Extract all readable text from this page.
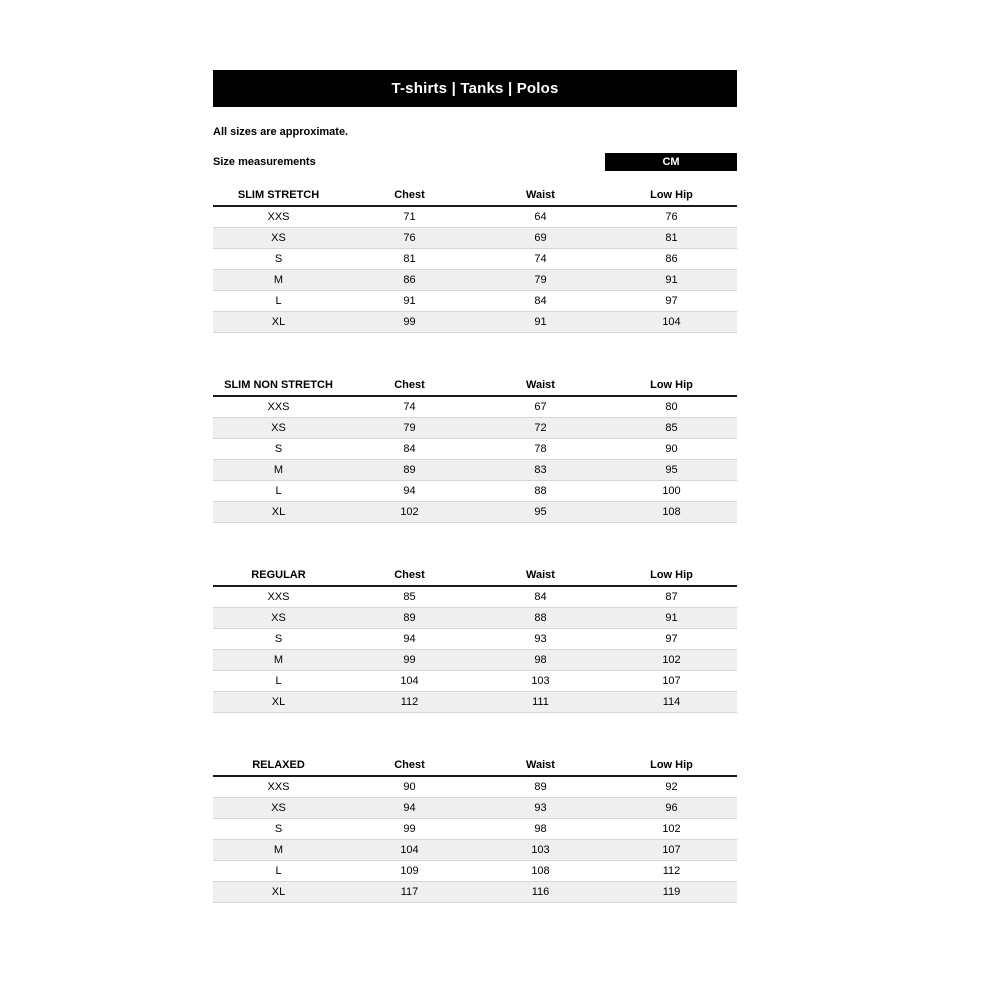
T-shirts | Tanks | Polos

All sizes are approximate.

Size measurements	CM
SLIM STRETCH	Chest	Waist	Low Hip
XXS	71	64	76
XS	76	69	81
S	81	74	86
M	86	79	91
L	91	84	97
XL	99	91	104
SLIM NON STRETCH	Chest	Waist	Low Hip
XXS	74	67	80
XS	79	72	85
S	84	78	90
M	89	83	95
L	94	88	100
XL	102	95	108
REGULAR	Chest	Waist	Low Hip
XXS	85	84	87
XS	89	88	91
S	94	93	97
M	99	98	102
L	104	103	107
XL	112	111	114
RELAXED	Chest	Waist	Low Hip
XXS	90	89	92
XS	94	93	96
S	99	98	102
M	104	103	107
L	109	108	112
XL	117	116	119
